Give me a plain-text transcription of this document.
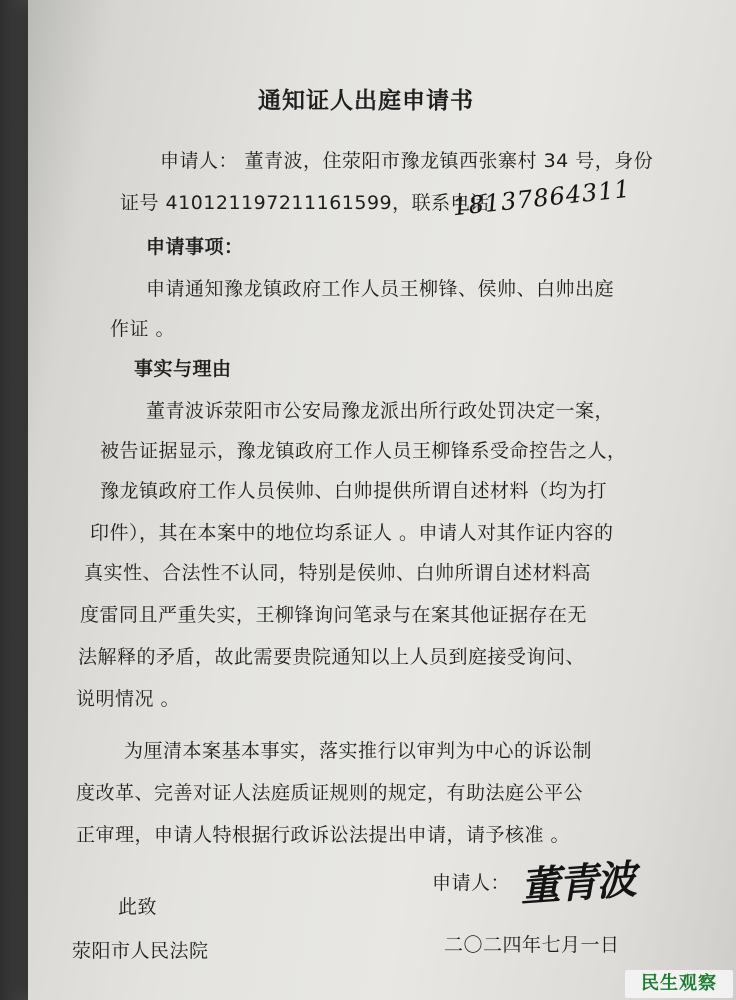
通知证人出庭申请书
申请人： 董青波，住荥阳市豫龙镇西张寨村 34 号，身份
证号 410121197211161599，联系电话
18137864311
申请事项：
申请通知豫龙镇政府工作人员王柳锋、侯帅、白帅出庭
作证 。
事实与理由
董青波诉荥阳市公安局豫龙派出所行政处罚决定一案，
被告证据显示，豫龙镇政府工作人员王柳锋系受命控告之人，
豫龙镇政府工作人员侯帅、白帅提供所谓自述材料（均为打
印件），其在本案中的地位均系证人 。申请人对其作证内容的
真实性、合法性不认同，特别是侯帅、白帅所谓自述材料高
度雷同且严重失实，王柳锋询问笔录与在案其他证据存在无
法解释的矛盾，故此需要贵院通知以上人员到庭接受询问、
说明情况 。
为厘清本案基本事实，落实推行以审判为中心的诉讼制
度改革、完善对证人法庭质证规则的规定，有助法庭公平公
正审理，申请人特根据行政诉讼法提出申请，请予核准 。
此致
荥阳市人民法院
申请人： 董青波
二〇二四年七月一日
民生观察
